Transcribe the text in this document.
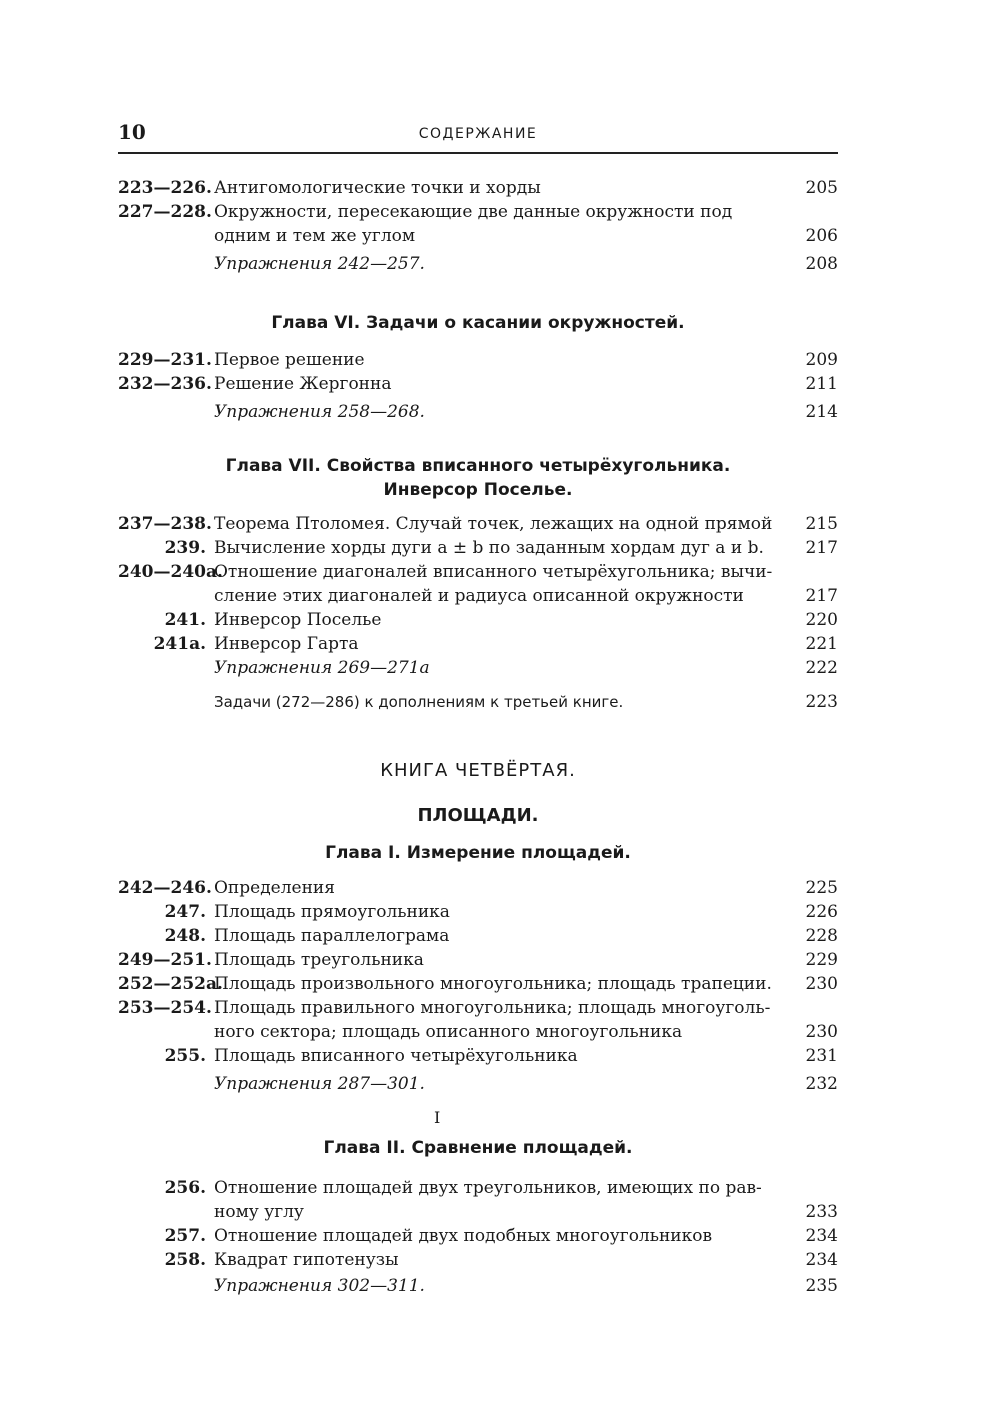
10	СОДЕРЖАНИЕ
223—226. Антигомологические точки и хорды . . .	205
227—228. Окружности, пересекающие две данные окружности под
одним и тем же углом . . .	206
Упражнения 242—257. . . .	208
Глава VI. Задачи о касании окружностей.
229—231. Первое решение . . .	209
232—236. Решение Жергонна . . .	211
Упражнения 258—268. . . .	214
Глава VII. Свойства вписанного четырёхугольника.
Инверсор Поселье.
237—238. Теорема Птоломея. Случай точек, лежащих на одной прямой	215
239. Вычисление хорды дуги a ± b по заданным хордам дуг a и b.	217
240—240a.
Отношение диагоналей вписанного четырёхугольника; вычи-
сление этих диагоналей и радиуса описанной окружности . . .	217
241. Инверсор Поселье . . .	220
241a. Инверсор Гарта . . .	221
Упражнения 269—271a . . .	222
Задачи (272—286) к дополнениям к третьей книге. . . .	223
КНИГА ЧЕТВЁРТАЯ.
ПЛОЩАДИ.
Глава I. Измерение площадей.
242—246. Определения . . .	225
247. Площадь прямоугольника . . .	226
248. Площадь параллелограма . . .	228
249—251. Площадь треугольника . . .	229
252—252a.
Площадь произвольного многоугольника; площадь трапеции.	230
253—254. Площадь правильного многоугольника; площадь многоуголь-
ного сектора; площадь описанного многоугольника . . .	230
255. Площадь вписанного четырёхугольника . . .	231
Упражнения 287—301. . . .	232
I
Глава II. Сравнение площадей.
256. Отношение площадей двух треугольников, имеющих по рав-
ному углу . . .	233
257. Отношение площадей двух подобных многоугольников . . .	234
258. Квадрат гипотенузы . . .	234
Упражнения 302—311. . . .	235
